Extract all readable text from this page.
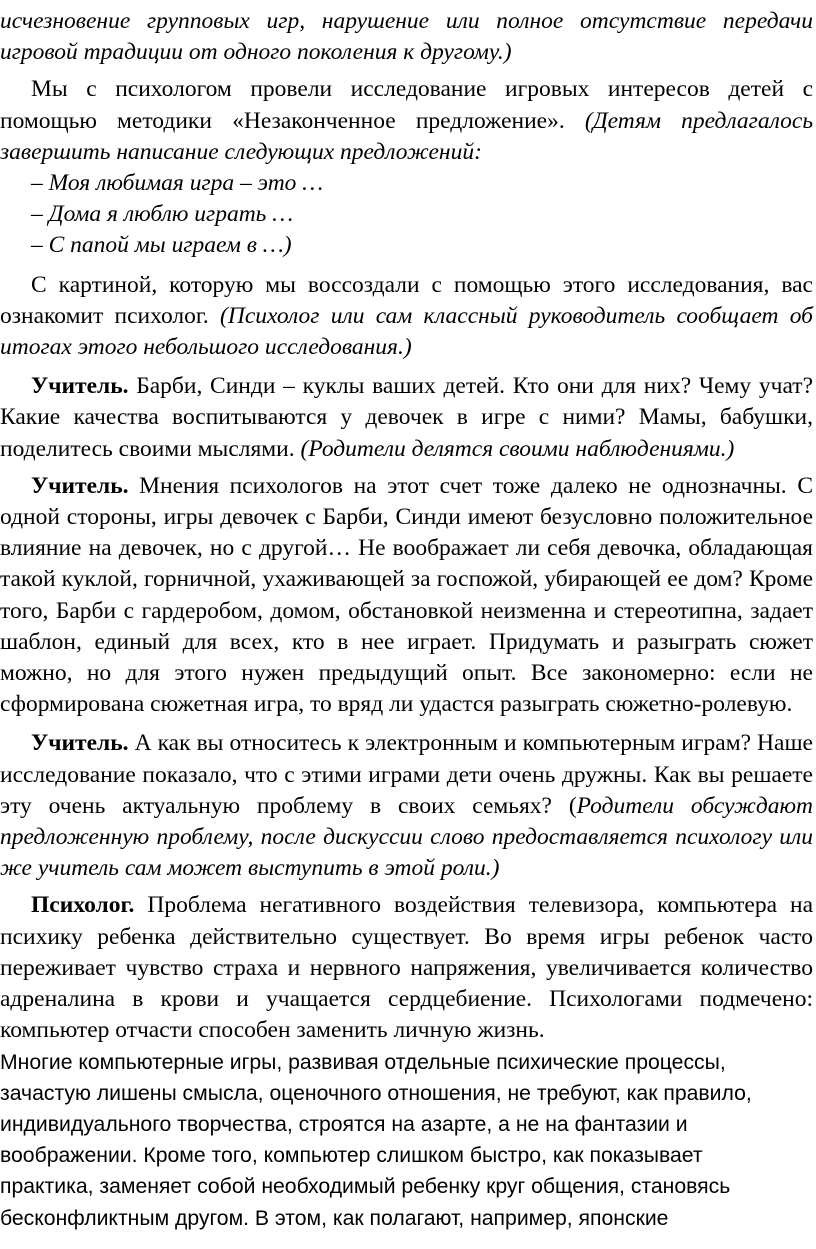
исчезновение групповых игр, нарушение или полное отсутствие передачи игровой традиции от одного поколения к другому.)

Мы с психологом провели исследование игровых интересов детей с помощью методики «Незаконченное предложение». (Детям предлагалось завершить написание следующих предложений:

– Моя любимая игра – это …

– Дома я люблю играть …

– С папой мы играем в …)

С картиной, которую мы воссоздали с помощью этого исследования, вас ознакомит психолог. (Психолог или сам классный руководитель сообщает об итогах этого небольшого исследования.)

Учитель. Барби, Синди – куклы ваших детей. Кто они для них? Чему учат? Какие качества воспитываются у девочек в игре с ними? Мамы, бабушки, поделитесь своими мыслями. (Родители делятся своими наблюдениями.)

Учитель. Мнения психологов на этот счет тоже далеко не однозначны. С одной стороны, игры девочек с Барби, Синди имеют безусловно положительное влияние на девочек, но с другой… Не воображает ли себя девочка, обладающая такой куклой, горничной, ухаживающей за госпожой, убирающей ее дом? Кроме того, Барби с гардеробом, домом, обстановкой неизменна и стереотипна, задает шаблон, единый для всех, кто в нее играет. Придумать и разыграть сюжет можно, но для этого нужен предыдущий опыт. Все закономерно: если не сформирована сюжетная игра, то вряд ли удастся разыграть сюжетно-ролевую.

Учитель. А как вы относитесь к электронным и компьютерным играм? Наше исследование показало, что с этими играми дети очень дружны. Как вы решаете эту очень актуальную проблему в своих семьях? (Родители обсуждают предложенную проблему, после дискуссии слово предоставляется психологу или же учитель сам может выступить в этой роли.)

Психолог. Проблема негативного воздействия телевизора, компьютера на психику ребенка действительно существует. Во время игры ребенок часто переживает чувство страха и нервного напряжения, увеличивается количество адреналина в крови и учащается сердцебиение. Психологами подмечено: компьютер отчасти способен заменить личную жизнь.

Многие компьютерные игры, развивая отдельные психические процессы,

зачастую лишены смысла, оценочного отношения, не требуют, как правило,

индивидуального творчества, строятся на азарте, а не на фантазии и

воображении. Кроме того, компьютер слишком быстро, как показывает

практика, заменяет собой необходимый ребенку круг общения, становясь

бесконфликтным другом. В этом, как полагают, например, японские
